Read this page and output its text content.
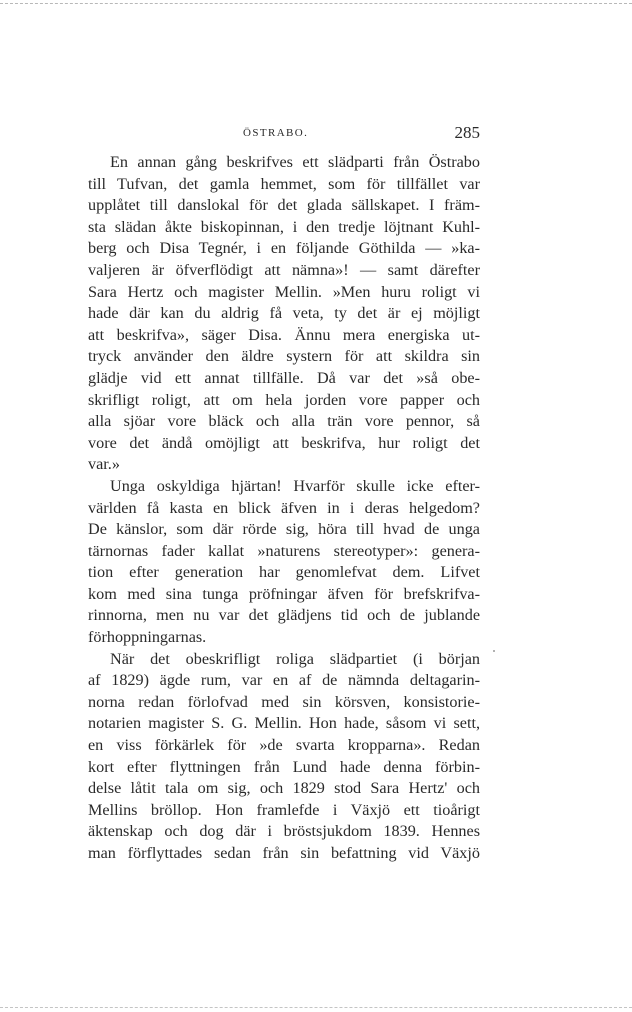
ÖSTRABO.	285

En annan gång beskrifves ett slädparti från Östrabo
till Tufvan, det gamla hemmet, som för tillfället var
upplåtet till danslokal för det glada sällskapet. I främ-
sta slädan åkte biskopinnan, i den tredje löjtnant Kuhl-
berg och Disa Tegnér, i en följande Göthilda — »ka-
valjeren är öfverflödigt att nämna»! — samt därefter
Sara Hertz och magister Mellin. »Men huru roligt vi
hade där kan du aldrig få veta, ty det är ej möjligt
att beskrifva», säger Disa. Ännu mera energiska ut-
tryck använder den äldre systern för att skildra sin
glädje vid ett annat tillfälle. Då var det »så obe-
skrifligt roligt, att om hela jorden vore papper och
alla sjöar vore bläck och alla trän vore pennor, så
vore det ändå omöjligt att beskrifva, hur roligt det
var.»

Unga oskyldiga hjärtan! Hvarför skulle icke efter-
världen få kasta en blick äfven in i deras helgedom?
De känslor, som där rörde sig, höra till hvad de unga
tärnornas fader kallat »naturens stereotyper»: genera-
tion efter generation har genomlefvat dem. Lifvet
kom med sina tunga pröfningar äfven för brefskrifva-
rinnorna, men nu var det glädjens tid och de jublande
förhoppningarnas.

När det obeskrifligt roliga slädpartiet (i början
af 1829) ägde rum, var en af de nämnda deltagarin-
norna redan förlofvad med sin körsven, konsistorie-
notarien magister S. G. Mellin. Hon hade, såsom vi sett,
en viss förkärlek för »de svarta kropparna». Redan
kort efter flyttningen från Lund hade denna förbin-
delse låtit tala om sig, och 1829 stod Sara Hertz' och
Mellins bröllop. Hon framlefde i Växjö ett tioårigt
äktenskap och dog där i bröstsjukdom 1839. Hennes
man förflyttades sedan från sin befattning vid Växjö
